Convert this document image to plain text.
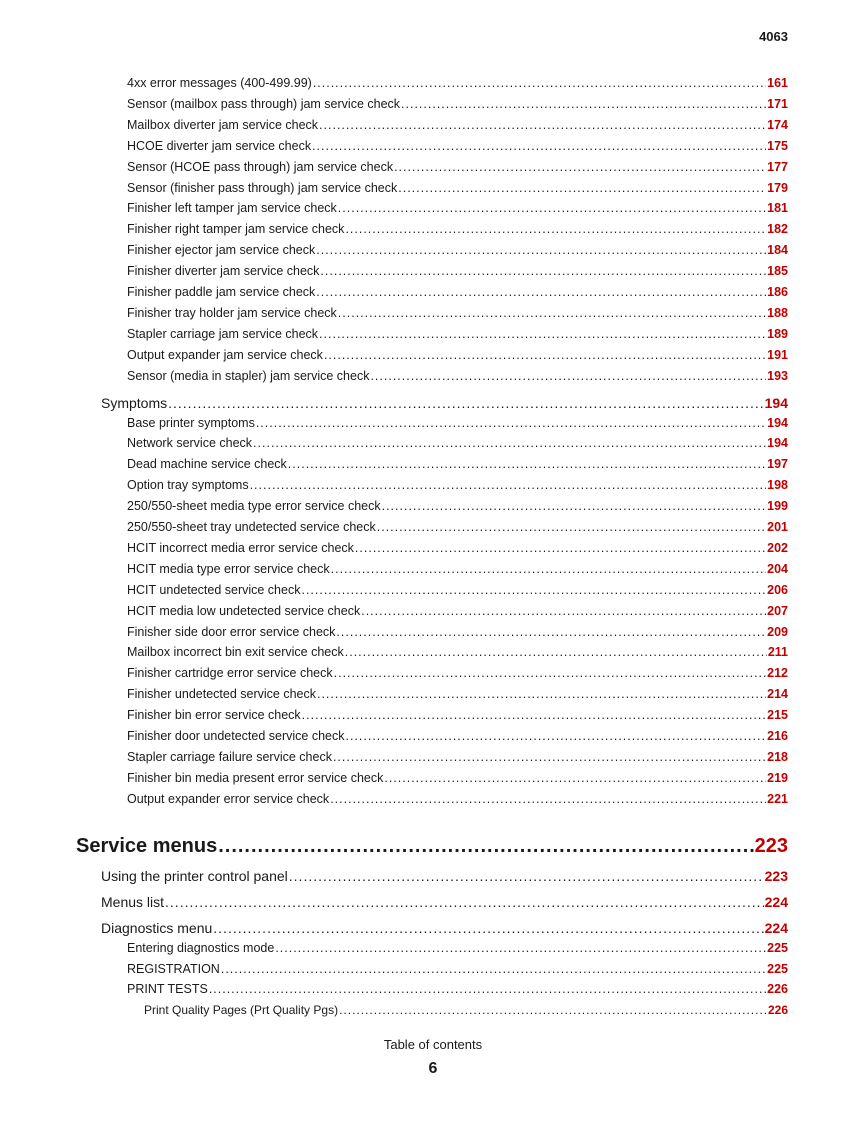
4063
4xx error messages (400-499.99) .....	161
Sensor (mailbox pass through) jam service check .....	171
Mailbox diverter jam service check .....	174
HCOE diverter jam service check .....	175
Sensor (HCOE pass through) jam service check .....	177
Sensor (finisher pass through) jam service check .....	179
Finisher left tamper jam service check .....	181
Finisher right tamper jam service check .....	182
Finisher ejector jam service check .....	184
Finisher diverter jam service check .....	185
Finisher paddle jam service check .....	186
Finisher tray holder jam service check .....	188
Stapler carriage jam service check .....	189
Output expander jam service check .....	191
Sensor (media in stapler) jam service check .....	193
Symptoms .....	194
Base printer symptoms .....	194
Network service check .....	194
Dead machine service check .....	197
Option tray symptoms .....	198
250/550-sheet media type error service check .....	199
250/550-sheet tray undetected service check .....	201
HCIT incorrect media error service check .....	202
HCIT media type error service check .....	204
HCIT undetected service check .....	206
HCIT media low undetected service check .....	207
Finisher side door error service check .....	209
Mailbox incorrect bin exit service check .....	211
Finisher cartridge error service check .....	212
Finisher undetected service check .....	214
Finisher bin error service check .....	215
Finisher door undetected service check .....	216
Stapler carriage failure service check .....	218
Finisher bin media present error service check .....	219
Output expander error service check .....	221
Service menus .....	223
Using the printer control panel .....	223
Menus list .....	224
Diagnostics menu .....	224
Entering diagnostics mode .....	225
REGISTRATION .....	225
PRINT TESTS .....	226
Print Quality Pages (Prt Quality Pgs) .....	226
Table of contents
6
